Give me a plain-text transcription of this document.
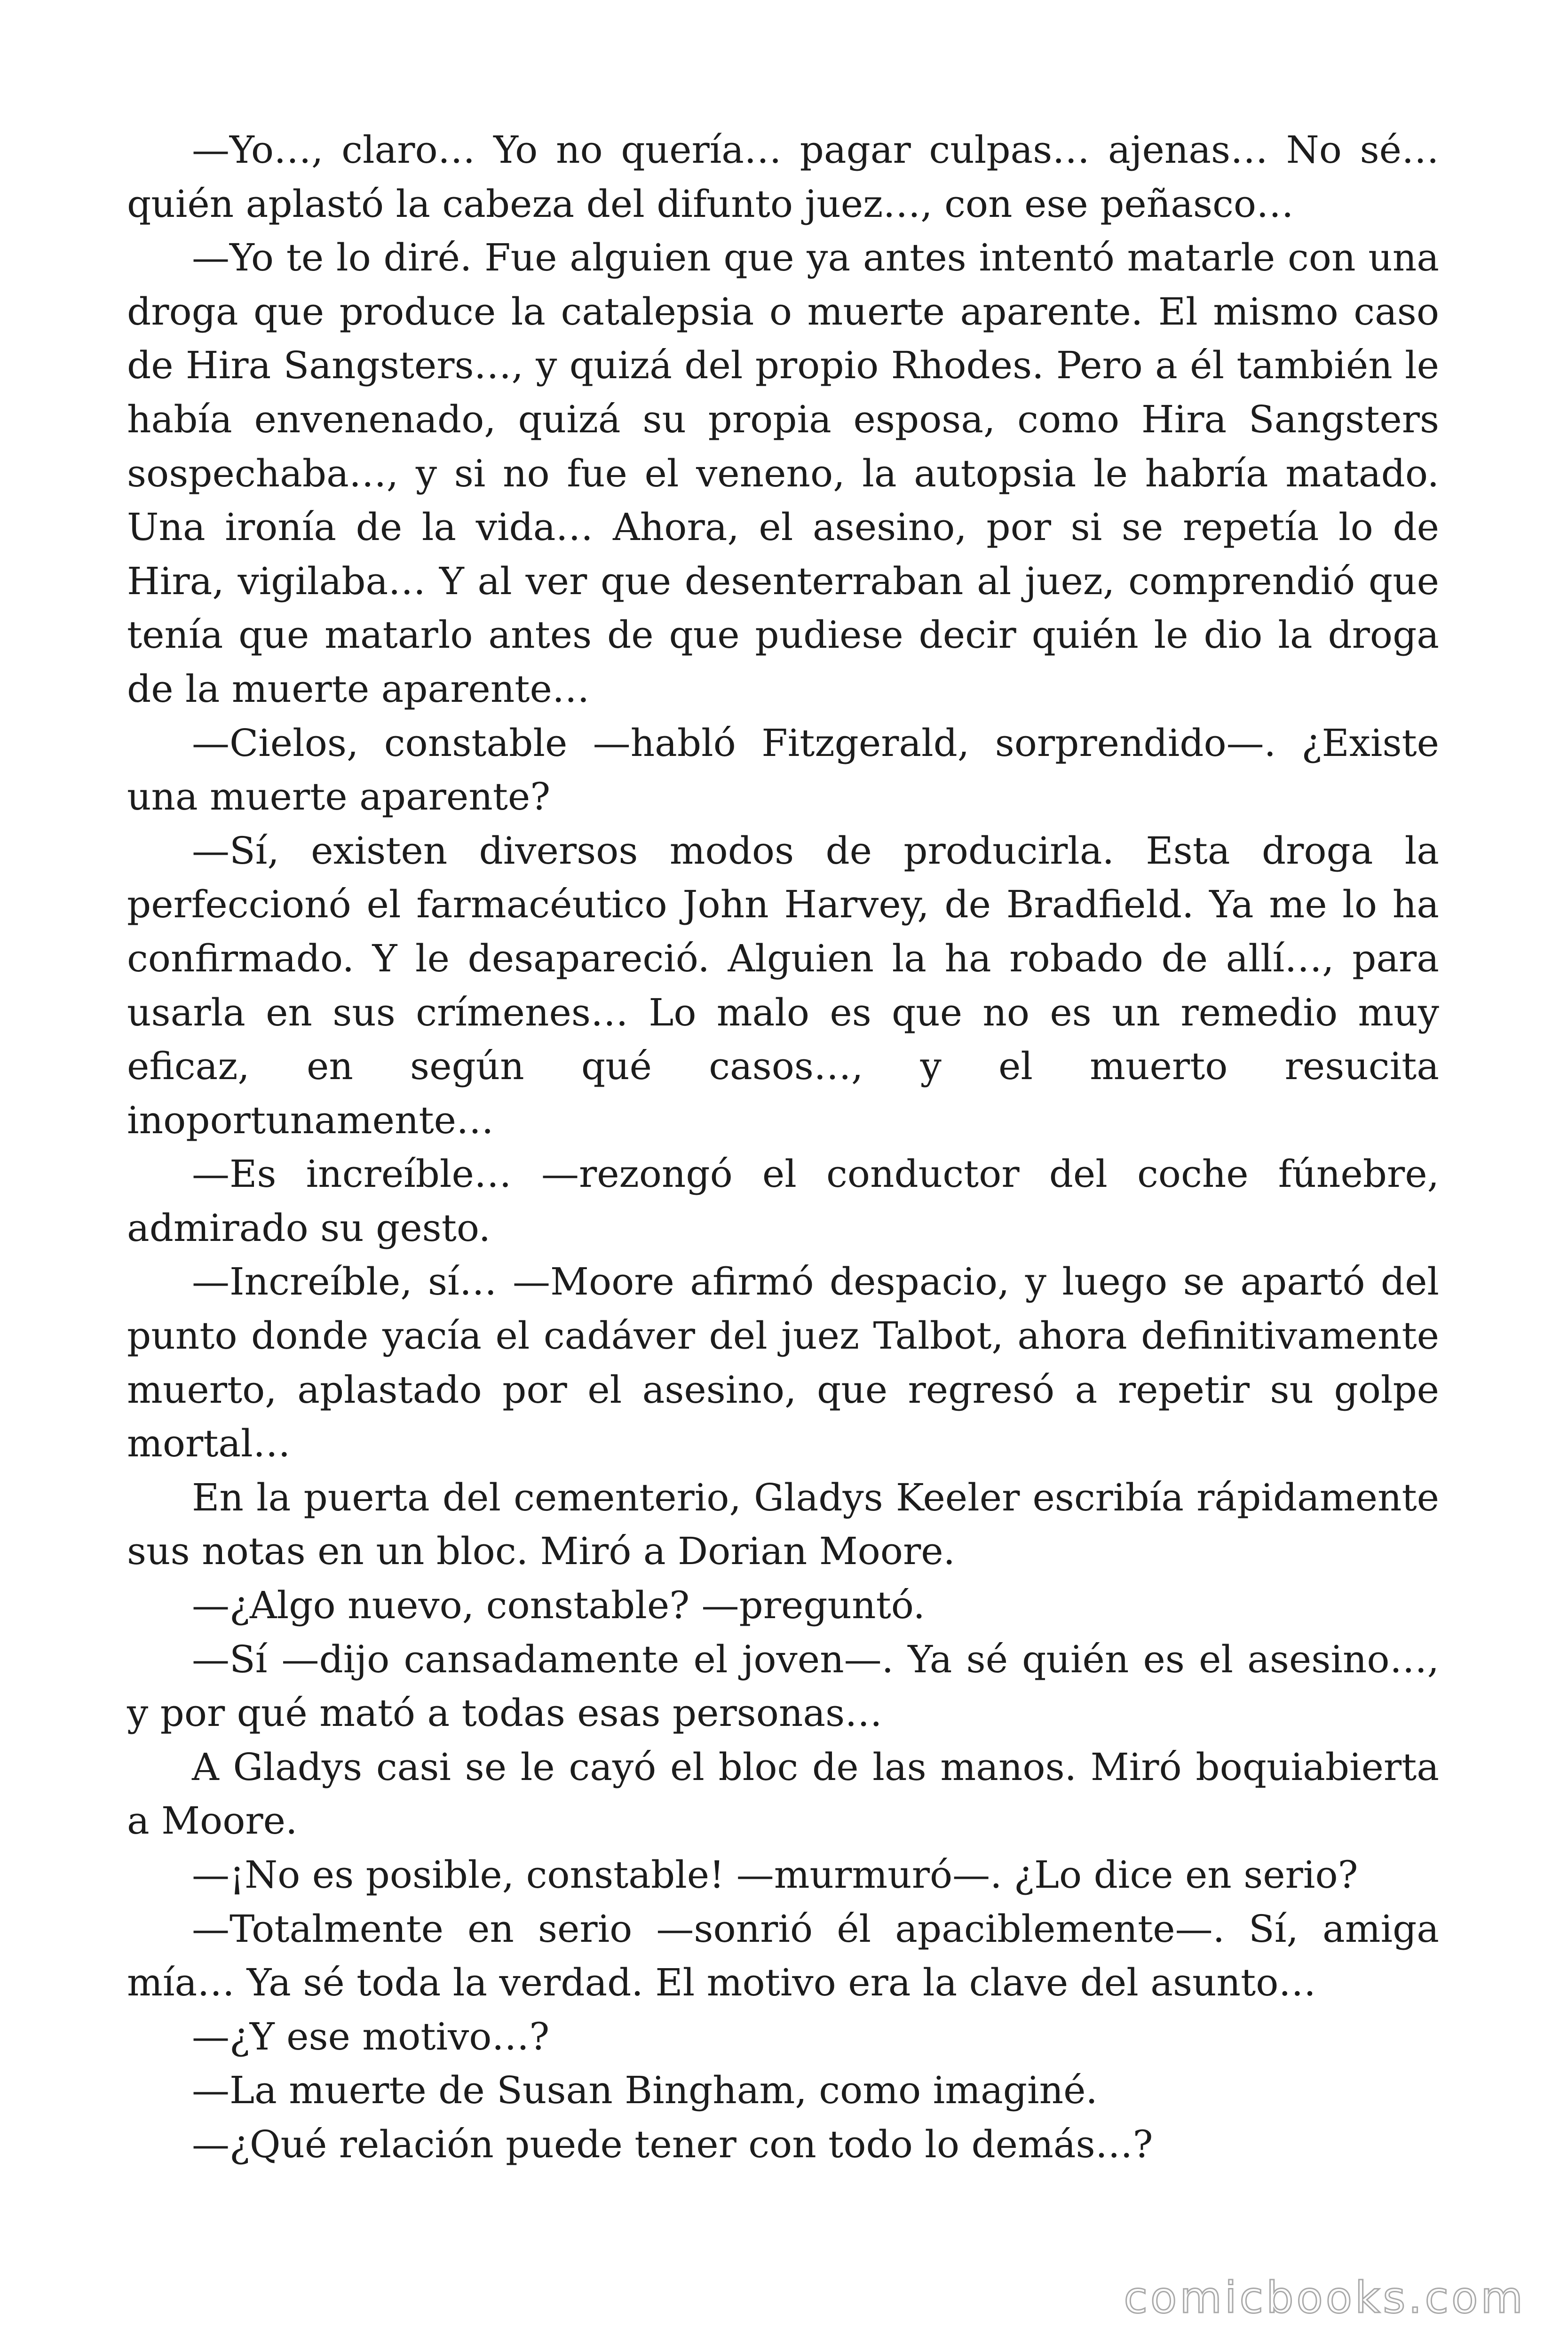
—Yo…, claro… Yo no quería… pagar culpas… ajenas… No sé… quién aplastó la cabeza del difunto juez…, con ese peñasco…

—Yo te lo diré. Fue alguien que ya antes intentó matarle con una droga que produce la catalepsia o muerte aparente. El mismo caso de Hira Sangsters…, y quizá del propio Rhodes. Pero a él también le había envenenado, quizá su propia esposa, como Hira Sangsters sospechaba…, y si no fue el veneno, la autopsia le habría matado. Una ironía de la vida… Ahora, el asesino, por si se repetía lo de Hira, vigilaba… Y al ver que desenterraban al juez, comprendió que tenía que matarlo antes de que pudiese decir quién le dio la droga de la muerte aparente…

—Cielos, constable —habló Fitzgerald, sorprendido—. ¿Existe una muerte aparente?

—Sí, existen diversos modos de producirla. Esta droga la perfeccionó el farmacéutico John Harvey, de Bradfield. Ya me lo ha confirmado. Y le desapareció. Alguien la ha robado de allí…, para usarla en sus crímenes… Lo malo es que no es un remedio muy eficaz, en según qué casos…, y el muerto resucita inoportunamente…

—Es increíble… —rezongó el conductor del coche fúnebre, admirado su gesto.

—Increíble, sí… —Moore afirmó despacio, y luego se apartó del punto donde yacía el cadáver del juez Talbot, ahora definitivamente muerto, aplastado por el asesino, que regresó a repetir su golpe mortal…

En la puerta del cementerio, Gladys Keeler escribía rápidamente sus notas en un bloc. Miró a Dorian Moore.

—¿Algo nuevo, constable? —preguntó.

—Sí —dijo cansadamente el joven—. Ya sé quién es el asesino…, y por qué mató a todas esas personas…

A Gladys casi se le cayó el bloc de las manos. Miró boquiabierta a Moore.

—¡No es posible, constable! —murmuró—. ¿Lo dice en serio?

—Totalmente en serio —sonrió él apaciblemente—. Sí, amiga mía… Ya sé toda la verdad. El motivo era la clave del asunto…

—¿Y ese motivo…?

—La muerte de Susan Bingham, como imaginé.

—¿Qué relación puede tener con todo lo demás…?

comicbooks.com
